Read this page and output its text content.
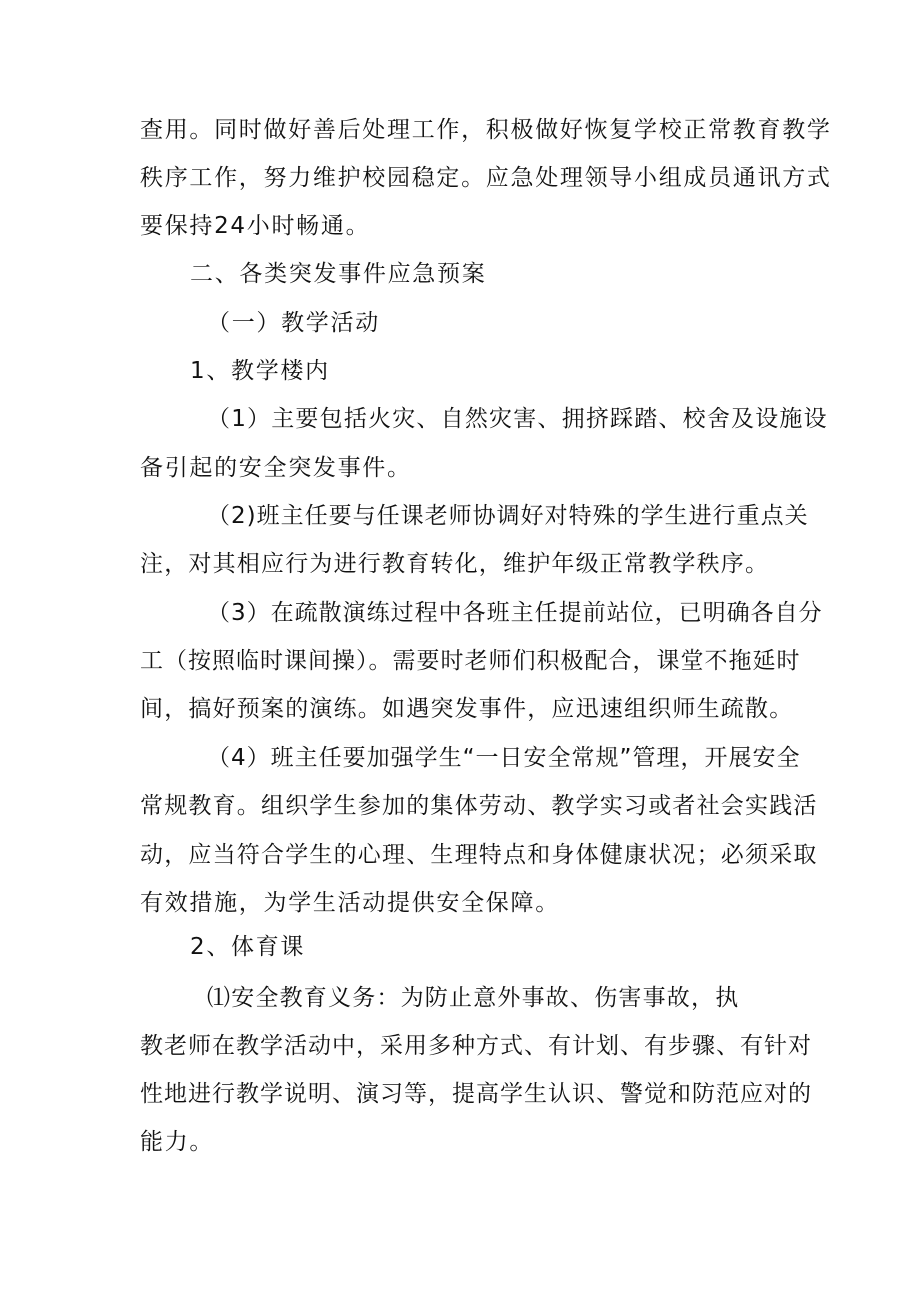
查用。同时做好善后处理工作，积极做好恢复学校正常教育教学
秩序工作，努力维护校园稳定。应急处理领导小组成员通讯方式
要保持24小时畅通。
二、各类突发事件应急预案
（一）教学活动
1、教学楼内
（1）主要包括火灾、自然灾害、拥挤踩踏、校舍及设施设
备引起的安全突发事件。
（2)班主任要与任课老师协调好对特殊的学生进行重点关
注，对其相应行为进行教育转化，维护年级正常教学秩序。
（3）在疏散演练过程中各班主任提前站位，已明确各自分
工（按照临时课间操）。需要时老师们积极配合，课堂不拖延时
间，搞好预案的演练。如遇突发事件，应迅速组织师生疏散。
（4）班主任要加强学生“一日安全常规”管理，开展安全
常规教育。组织学生参加的集体劳动、教学实习或者社会实践活
动，应当符合学生的心理、生理特点和身体健康状况；必须采取
有效措施，为学生活动提供安全保障。
2、体育课
⑴安全教育义务：为防止意外事故、伤害事故，执
教老师在教学活动中，采用多种方式、有计划、有步骤、有针对
性地进行教学说明、演习等，提高学生认识、警觉和防范应对的
能力。
